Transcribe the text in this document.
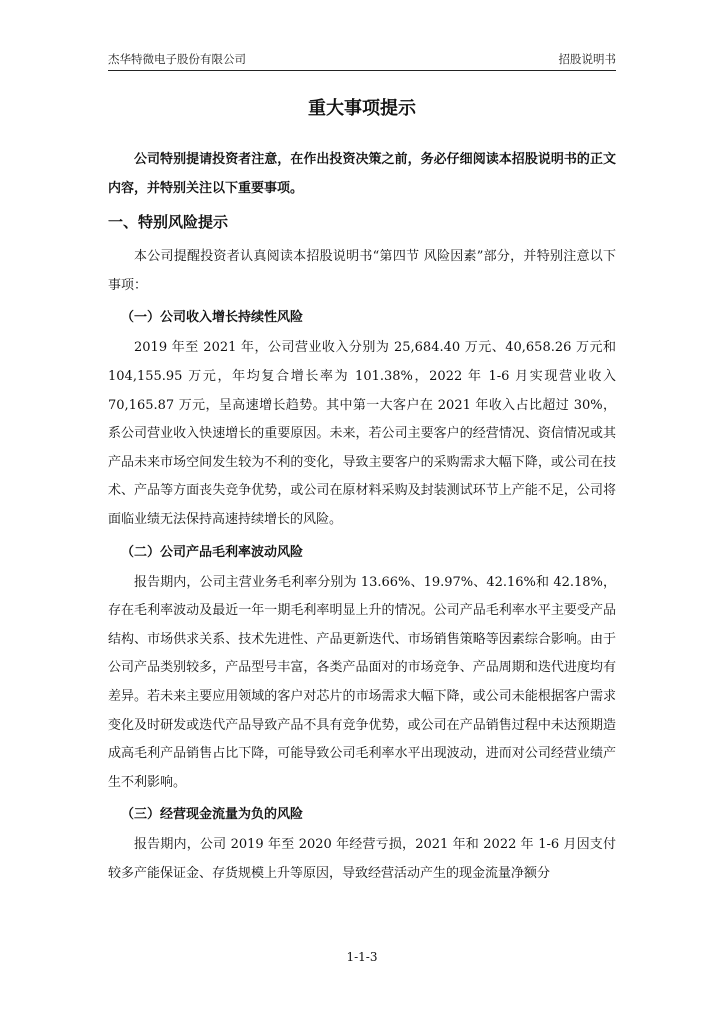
杰华特微电子股份有限公司	招股说明书
重大事项提示

公司特别提请投资者注意，在作出投资决策之前，务必仔细阅读本招股说明书的正文内容，并特别关注以下重要事项。

一、特别风险提示

本公司提醒投资者认真阅读本招股说明书“第四节 风险因素”部分，并特别注意以下事项：

（一）公司收入增长持续性风险

2019 年至 2021 年，公司营业收入分别为 25,684.40 万元、40,658.26 万元和 104,155.95 万元，年均复合增长率为 101.38%，2022 年 1-6 月实现营业收入 70,165.87 万元，呈高速增长趋势。其中第一大客户在 2021 年收入占比超过 30%，系公司营业收入快速增长的重要原因。未来，若公司主要客户的经营情况、资信情况或其产品未来市场空间发生较为不利的变化，导致主要客户的采购需求大幅下降，或公司在技术、产品等方面丧失竞争优势，或公司在原材料采购及封装测试环节上产能不足，公司将面临业绩无法保持高速持续增长的风险。

（二）公司产品毛利率波动风险

报告期内，公司主营业务毛利率分别为 13.66%、19.97%、42.16%和 42.18%，存在毛利率波动及最近一年一期毛利率明显上升的情况。公司产品毛利率水平主要受产品结构、市场供求关系、技术先进性、产品更新迭代、市场销售策略等因素综合影响。由于公司产品类别较多，产品型号丰富，各类产品面对的市场竞争、产品周期和迭代进度均有差异。若未来主要应用领域的客户对芯片的市场需求大幅下降，或公司未能根据客户需求变化及时研发或迭代产品导致产品不具有竞争优势，或公司在产品销售过程中未达预期造成高毛利产品销售占比下降，可能导致公司毛利率水平出现波动，进而对公司经营业绩产生不利影响。

（三）经营现金流量为负的风险

报告期内，公司 2019 年至 2020 年经营亏损，2021 年和 2022 年 1-6 月因支付较多产能保证金、存货规模上升等原因，导致经营活动产生的现金流量净额分

1-1-3
